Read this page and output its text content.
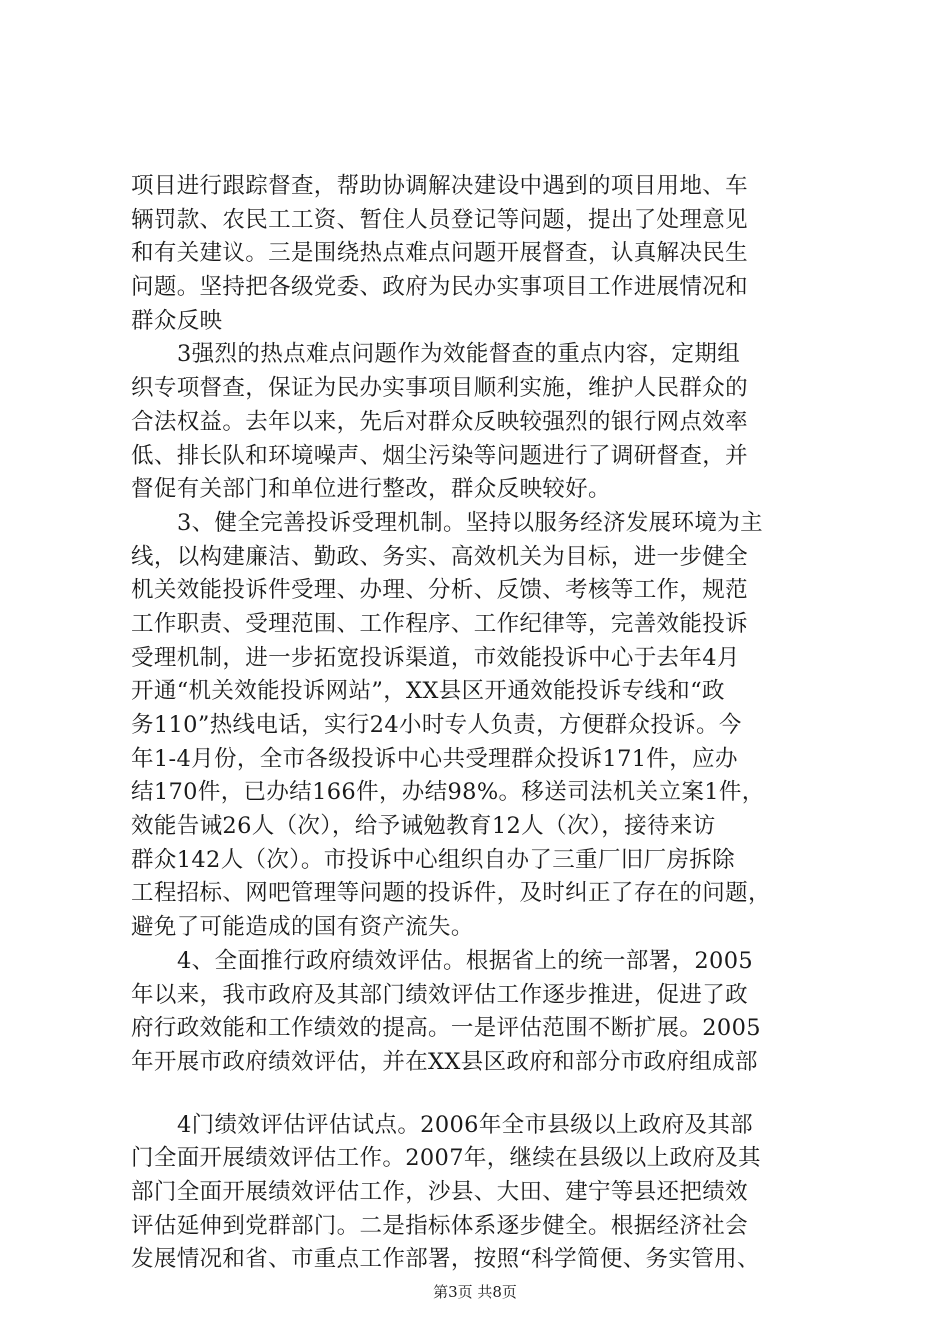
项目进行跟踪督查，帮助协调解决建设中遇到的项目用地、车
辆罚款、农民工工资、暂住人员登记等问题，提出了处理意见
和有关建议。三是围绕热点难点问题开展督查，认真解决民生
问题。坚持把各级党委、政府为民办实事项目工作进展情况和
群众反映
3强烈的热点难点问题作为效能督查的重点内容，定期组
织专项督查，保证为民办实事项目顺利实施，维护人民群众的
合法权益。去年以来，先后对群众反映较强烈的银行网点效率
低、排长队和环境噪声、烟尘污染等问题进行了调研督查，并
督促有关部门和单位进行整改，群众反映较好。
3、健全完善投诉受理机制。坚持以服务经济发展环境为主
线，以构建廉洁、勤政、务实、高效机关为目标，进一步健全
机关效能投诉件受理、办理、分析、反馈、考核等工作，规范
工作职责、受理范围、工作程序、工作纪律等，完善效能投诉
受理机制，进一步拓宽投诉渠道，市效能投诉中心于去年4月
开通“机关效能投诉网站”，XX县区开通效能投诉专线和“政
务110”热线电话，实行24小时专人负责，方便群众投诉。今
年1-4月份，全市各级投诉中心共受理群众投诉171件，应办
结170件，已办结166件，办结98%。移送司法机关立案1件，
效能告诫26人（次），给予诫勉教育12人（次），接待来访
群众142人（次）。市投诉中心组织自办了三重厂旧厂房拆除
工程招标、网吧管理等问题的投诉件，及时纠正了存在的问题，
避免了可能造成的国有资产流失。
4、全面推行政府绩效评估。根据省上的统一部署，2005
年以来，我市政府及其部门绩效评估工作逐步推进，促进了政
府行政效能和工作绩效的提高。一是评估范围不断扩展。2005
年开展市政府绩效评估，并在XX县区政府和部分市政府组成部
4门绩效评估评估试点。2006年全市县级以上政府及其部
门全面开展绩效评估工作。2007年，继续在县级以上政府及其
部门全面开展绩效评估工作，沙县、大田、建宁等县还把绩效
评估延伸到党群部门。二是指标体系逐步健全。根据经济社会
发展情况和省、市重点工作部署，按照“科学简便、务实管用、
第3页 共8页
